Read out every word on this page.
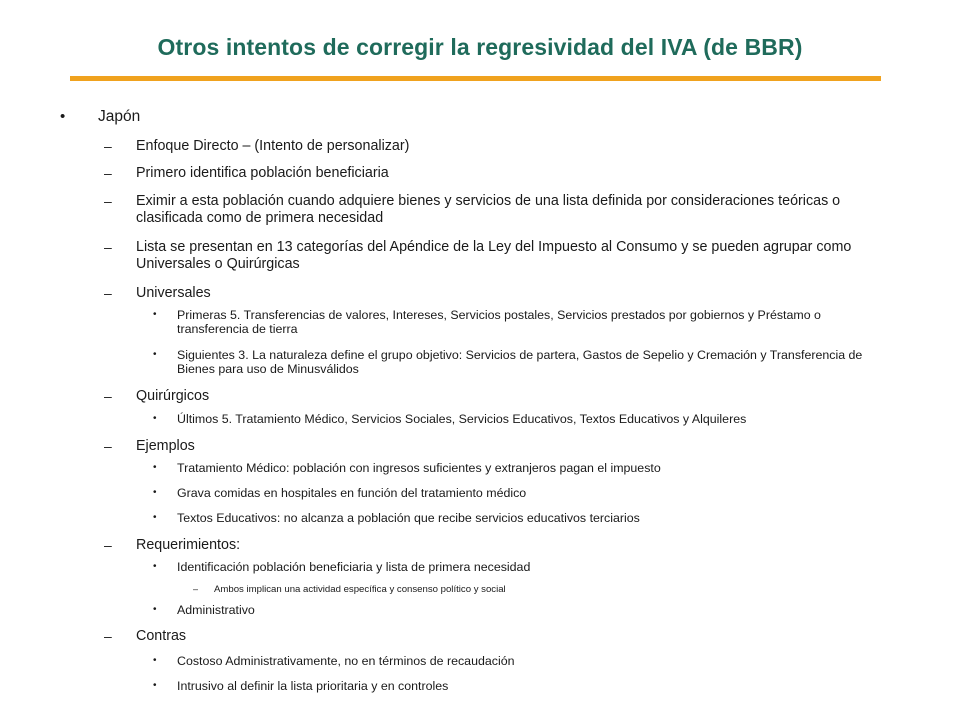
Otros intentos de corregir la regresividad del IVA (de BBR)
• Japón
– Enfoque Directo – (Intento de personalizar)
– Primero identifica población beneficiaria
– Eximir a esta población cuando adquiere bienes y servicios de una lista definida por consideraciones teóricas o clasificada como de primera necesidad
– Lista se presentan en 13 categorías del Apéndice de la Ley del Impuesto al Consumo y se pueden agrupar como Universales o Quirúrgicas
– Universales
• Primeras 5. Transferencias de valores, Intereses, Servicios postales, Servicios prestados por gobiernos y Préstamo o transferencia de tierra
• Siguientes 3. La naturaleza define el grupo objetivo: Servicios de partera, Gastos de Sepelio y Cremación y Transferencia de Bienes para uso de Minusválidos
– Quirúrgicos
• Últimos 5. Tratamiento Médico, Servicios Sociales, Servicios Educativos, Textos Educativos y Alquileres
– Ejemplos
• Tratamiento Médico: población con ingresos suficientes y extranjeros pagan el impuesto
• Grava comidas en hospitales en función del tratamiento médico
• Textos Educativos: no alcanza a población que recibe servicios educativos terciarios
– Requerimientos:
• Identificación población beneficiaria y lista de primera necesidad
– Ambos implican una actividad específica y consenso político y social
• Administrativo
– Contras
• Costoso Administrativamente, no en términos de recaudación
• Intrusivo al definir la lista prioritaria y en controles
